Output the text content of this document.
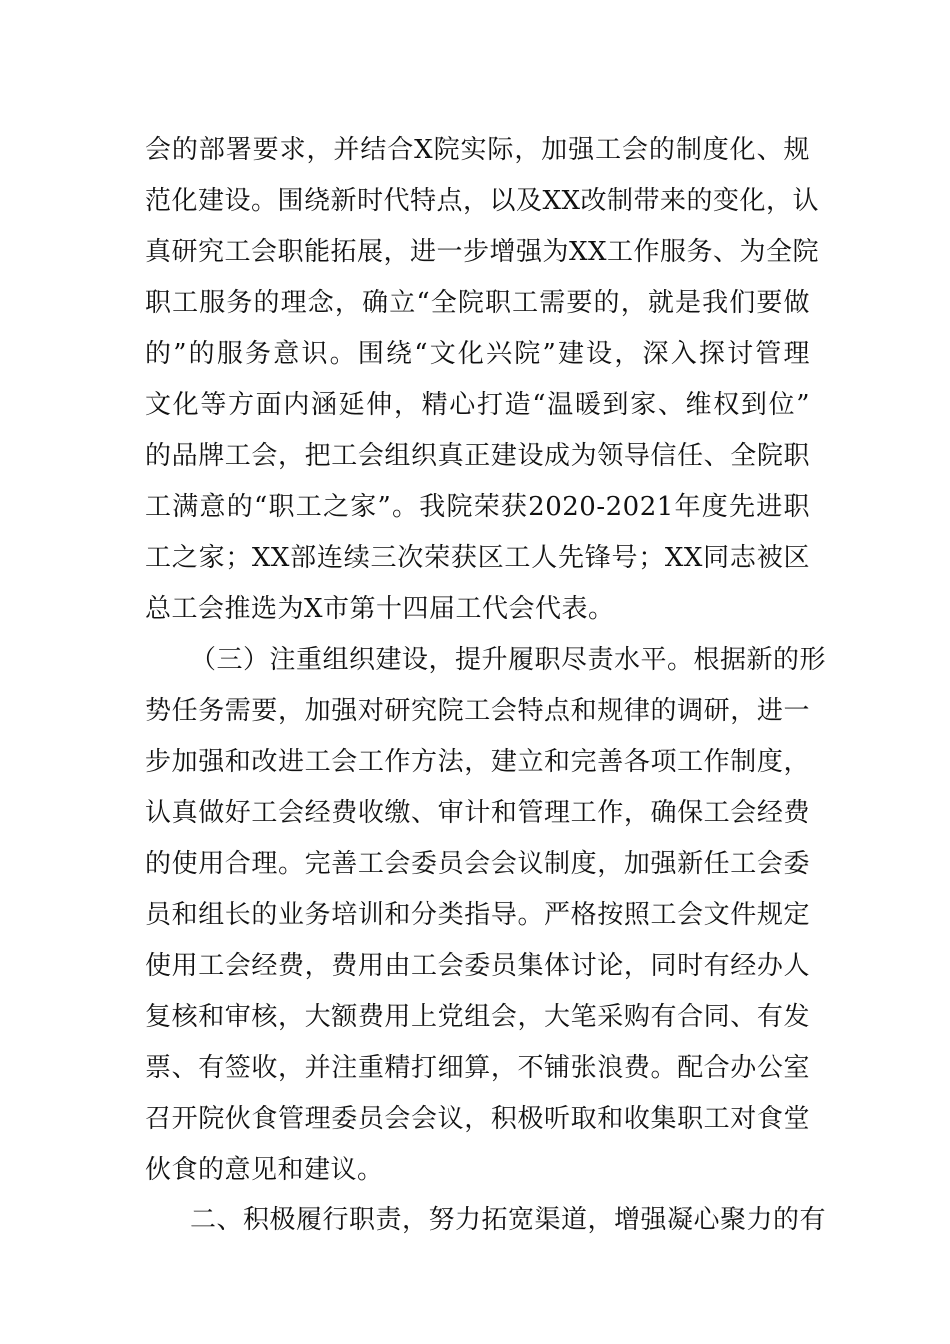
会的部署要求，并结合X院实际，加强工会的制度化、规
范化建设。围绕新时代特点，以及XX改制带来的变化，认
真研究工会职能拓展，进一步增强为XX工作服务、为全院
职工服务的理念，确立“全院职工需要的，就是我们要做
的”的服务意识。围绕“文化兴院”建设，深入探讨管理
文化等方面内涵延伸，精心打造“温暖到家、维权到位”
的品牌工会，把工会组织真正建设成为领导信任、全院职
工满意的“职工之家”。我院荣获2020-2021年度先进职
工之家；XX部连续三次荣获区工人先锋号；XX同志被区
总工会推选为X市第十四届工代会代表。
（三）注重组织建设，提升履职尽责水平。根据新的形
势任务需要，加强对研究院工会特点和规律的调研，进一
步加强和改进工会工作方法，建立和完善各项工作制度，
认真做好工会经费收缴、审计和管理工作，确保工会经费
的使用合理。完善工会委员会会议制度，加强新任工会委
员和组长的业务培训和分类指导。严格按照工会文件规定
使用工会经费，费用由工会委员集体讨论，同时有经办人
复核和审核，大额费用上党组会，大笔采购有合同、有发
票、有签收，并注重精打细算，不铺张浪费。配合办公室
召开院伙食管理委员会会议，积极听取和收集职工对食堂
伙食的意见和建议。
二、积极履行职责，努力拓宽渠道，增强凝心聚力的有
